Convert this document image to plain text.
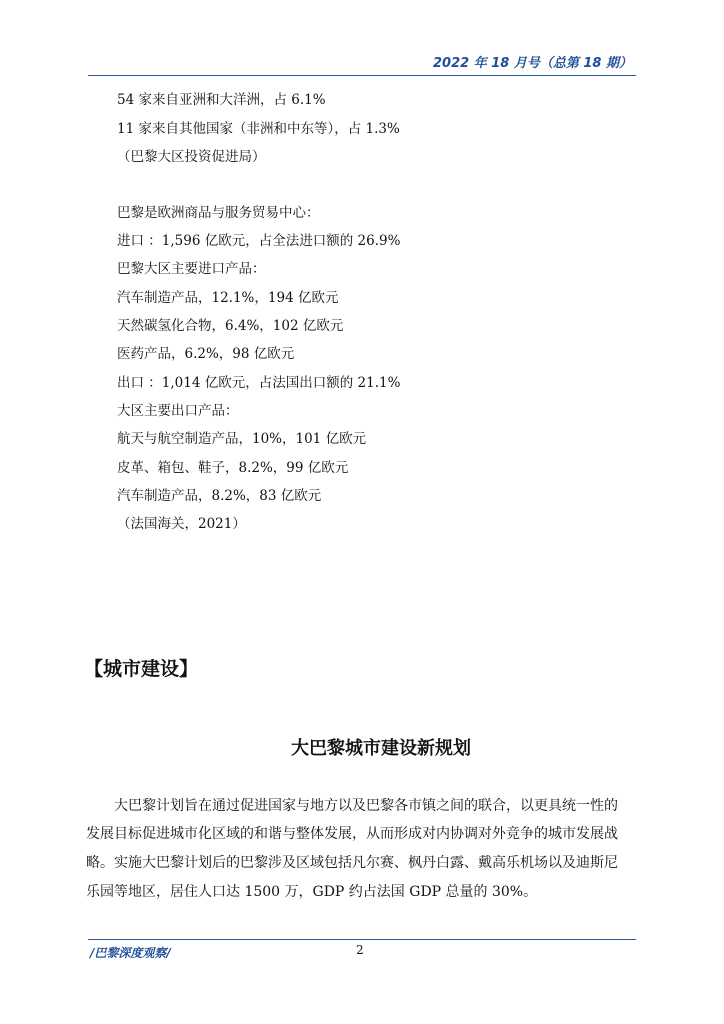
2022 年 18 月号（总第 18 期）
54 家来自亚洲和大洋洲，占 6.1%
11 家来自其他国家（非洲和中东等），占 1.3%
（巴黎大区投资促进局）
巴黎是欧洲商品与服务贸易中心：
进口 ：1,596 亿欧元，占全法进口额的 26.9%
巴黎大区主要进口产品：
汽车制造产品，12.1%，194 亿欧元
天然碳氢化合物，6.4%，102 亿欧元
医药产品，6.2%，98 亿欧元
出口 ：1,014 亿欧元，占法国出口额的 21.1%
大区主要出口产品：
航天与航空制造产品，10%，101 亿欧元
皮革、箱包、鞋子，8.2%，99 亿欧元
汽车制造产品，8.2%，83 亿欧元
（法国海关，2021）
【城市建设】
大巴黎城市建设新规划
大巴黎计划旨在通过促进国家与地方以及巴黎各市镇之间的联合，以更具统一性的
发展目标促进城市化区域的和谐与整体发展，从而形成对内协调对外竞争的城市发展战
略。实施大巴黎计划后的巴黎涉及区域包括凡尔赛、枫丹白露、戴高乐机场以及迪斯尼
乐园等地区，居住人口达 1500 万，GDP 约占法国 GDP 总量的 30%。
/巴黎深度观察/	2
